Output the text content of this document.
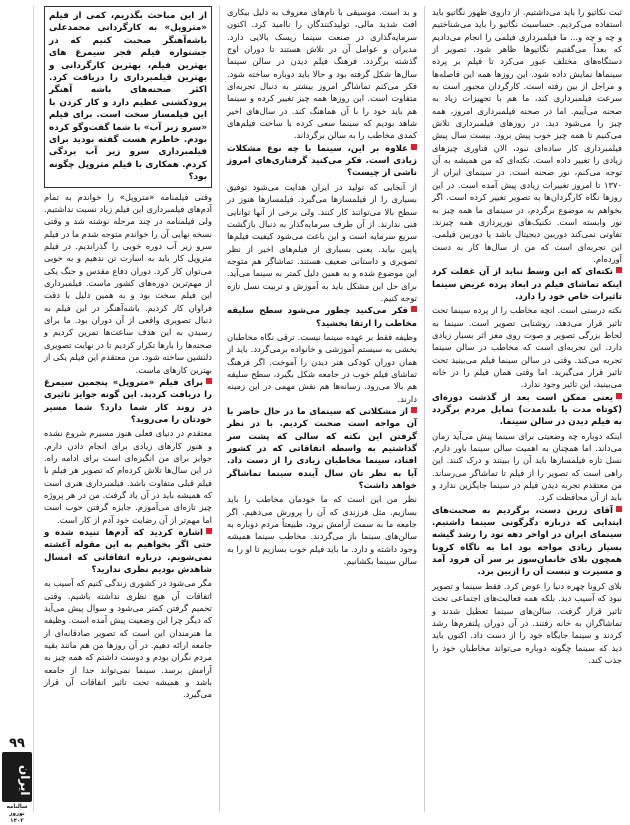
ثبت نکاتیو را باید می‌داشتیم. از داروی ظهور نگاتیو باید استفاده می‌کردیم. حساسیت نگاتیو را باید می‌شناختیم و چه و چه و... ما فیلمبرداری فیلمی را انجام می‌دادیم که بعداً می‌گفتیم نگاتیوها ظاهر شود. تصویر از دستگاه‌های مختلف عبور می‌کرد تا فیلم بر پرده سینماها نمایش داده شود. این روزها همه این فاصله‌ها و مراحل از بین رفته است. کارگردان مجبور است به سرعت فیلمبرداری کند، ما هم با تجهیزات زیاد به صحنه می‌آییم. اما در صحنه فیلمبرداری امروز، همه چیز را می‌شود دید. در روزهای فیلمبرداری تلاش می‌کنیم تا همه چیز خوب پیش برود. بیست سال پیش فیلمبرداری کار ساده‌ای نبود، الان فناوری چیزهای زیادی را تغییر داده است. نکته‌ای که من همیشه به آن توجه می‌کنم، نور صحنه است. در سینمای ایران از ۱۳۷۰ تا امروز تغییرات زیادی پیش آمده است. در این روزها نگاه کارگردان‌ها به تصویر تغییر کرده است. اگر بخواهم به موضوع برگردم، در سینمای ما همه چیز به نور وابسته است. تکنیک‌های نورپردازی همه چیزند. تفاوتی نمی‌کند دوربین دیجیتال باشد یا دوربین فیلمی. این تجربه‌ای است که من از سال‌ها کار به دست آورده‌ام.

نکته‌ای که این وسط نباید از آن غفلت کرد اینکه تماشای فیلم در ابعاد پرده عریض سینما تاثیرات خاص خود را دارد.

نکته درستی است. انچه مخاطب را از پرده سینما تحت تاثیر قرار می‌دهد، روشنایی تصویر است. سینما به لحاظ بزرگی تصویر و صوت روی مغز اثر بسیار زیادی دارد. این تجربه‌ای است که مخاطب در سالن سینما تجربه می‌کند. وقتی در سالن سینما فیلم می‌بینید تحت تاثیر قرار می‌گیرید. اما وقتی همان فیلم را در خانه می‌بینید، این تاثیر وجود ندارد.

یعنی ممکن است بعد از گذشت دوره‌ای (کوتاه مدت یا بلندمدت) تمایل مردم برگردد به فیلم دیدن در سالن سینما.

اینکه دوباره چه وضعیتی برای سینما پیش می‌آید زمان می‌داند. اما همچنان به اهمیت سالن سینما باور دارم. نسل تازه فیلمسازها باید آن را ببینند و درک کنند. این راهی است که تصویر را از فیلم تا تماشاگر می‌رساند. من معتقدم تجربه دیدن فیلم در سینما جایگزین ندارد و باید از آن محافظت کرد.

آقای زرین دست، برگردیم به صحبت‌های ابتدایی که درباره دگرگونی سینما داشتیم. سینمای ایران در اواخر دهه نود را رشد گیشه بسیار زیادی مواجه بود اما به ناگاه کرونا همچون بلای خانمان‌سوز بر سر آن فرود آمد و مسیرت و تبست آن را ازبین برد.

بلای کرونا چهره دنیا را عوض کرد. فقط سینما و تصویر نبود که آسیب دید. بلکه همه فعالیت‌های اجتماعی تحت تاثیر قرار گرفت. سالن‌های سینما تعطیل شدند و تماشاگران به خانه رفتند. در آن دوران پلتفرم‌ها رشد کردند و سینما جایگاه خود را از دست داد. اکنون باید دید که سینما چگونه دوباره می‌تواند مخاطبان خود را جذب کند.

و بد است. موسیقی با نام‌های معروف به دلیل بیکاری افت شدید مالی، تولیدکنندگان را ناامید کرد. اکنون سرمایه‌گذاری در صنعت سینما ریسک بالایی دارد. مدیران و عوامل آن در تلاش هستند تا دوران اوج گذشته برگردد. فرهنگ فیلم دیدن در سالن سینما سال‌ها شکل گرفته بود و حالا باید دوباره ساخته شود. فکر می‌کنم تماشاگر امروز بیشتر به دنبال تجربه‌ای متفاوت است. این روزها همه چیز تغییر کرده و سینما هم باید خود را با آن هماهنگ کند. در سال‌های اخیر شاهد بودیم که سینما سعی کرده با ساخت فیلم‌های کمدی مخاطب را به سالن برگرداند.

علاوه بر این، سینما با چه نوع مشکلات زیادی است. فکر می‌کنید گرفتاری‌های امروز ناشی از چیست؟

از آنجایی که تولید در ایران هدایت می‌شود توفیق بسیاری را از فیلمسازها می‌گیرد. فیلمسازها هنوز در سطح بالا می‌توانند کار کنند. ولی برخی از آنها توانایی فنی ندارند. از آن طرف سرمایه‌گذار به دنبال بازگشت سریع سرمایه است و این باعث می‌شود کیفیت فیلم‌ها پایین بیاید. یعنی بسیاری از فیلم‌های اخیر از نظر تصویری و داستانی ضعیف هستند. تماشاگر هم متوجه این موضوع شده و به همین دلیل کمتر به سینما می‌آید. برای حل این مشکل باید به آموزش و تربیت نسل تازه توجه کنیم.

فکر می‌کنید چطور می‌شود سطح سلیقه مخاطب را ارتقا بخشید؟

وظیفه فقط بر عهده سینما نیست. ترقی نگاه مخاطبان بخشی به سیستم آموزشی و خانواده برمی‌گردد. باید از همان دوران کودکی هنر دیدن را آموخت. اگر فرهنگ تماشای فیلم خوب در جامعه شکل بگیرد، سطح سلیقه هم بالا می‌رود. رسانه‌ها هم نقش مهمی در این زمینه دارند.

از مشکلاتی که سینمای ما در حال حاضر با آن مواجه است صحبت کردیم. با در نظر گرفتن این نکته که سالی که پشت سر گذاشتیم به واسطه اتفاقاتی که در کشور افتاد، سینما مخاطبان زیادی را از دست داد. آیا به نظر تان سال آینده سینما تماشاگر خواهد داشت؟

نظر من این است که ما خودمان مخاطب را باید بسازیم. مثل فرزندی که آن را پرورش می‌دهیم. اگر جامعه ما به سمت آرامش برود، طبیعتاً مردم دوباره به سالن‌های سینما باز می‌گردند. مخاطب سینما همیشه وجود داشته و دارد. ما باید فیلم خوب بسازیم تا او را به سالن سینما بکشانیم.

از این مباحث بگذریم، کمی از فیلم «متروپل» به کارگردانی محمدعلی باشه‌آهنگر صحبت کنیم که در جشنواره فیلم فجر سیمرغ های بهترین فیلم، بهترین کارگردانی و بهترین فیلمبرداری را دریافت کرد. اکثر صحنه‌های باشه آهنگر پرودکشنی عظیم دارد و کار کردن با این فیلمساز سخت است. برای فیلم «سرو زیر آب» با شما گفت‌وگو کرده بودم. خاطرم هست گفته بودید برای فیلمبرداری سرو زیر آب بردگی کردم. همکاری با فیلم متروپل چگونه بود؟

وقتی فیلمنامه «متروپل» را خواندم به تمام آدم‌های فیلمبرداری این فیلم زیاد نسبت نداشتیم. ولی فیلمنامه در چند مرحله نوشته شد و وقتی نسخه نهایی آن را خواندم متوجه شدم ما در فیلم سرو زیر آب دوره خوبی را گذراندیم. در فیلم متروپل کار باید به اسارت تن ندهیم و به خوبی می‌توان کار کرد. دوران دفاع مقدس و جنگ یکی از مهم‌ترین دوره‌های کشور ماست. فیلمبرداری این فیلم سخت بود و به همین دلیل با دقت فراوان کار کردیم. باشه‌آهنگر در این فیلم به دنبال تصویری واقعی از آن دوران بود. ما برای رسیدن به این هدف ساعت‌ها تمرین کردیم و صحنه‌ها را بارها تکرار کردیم تا در نهایت تصویری دلنشین ساخته شود. من معتقدم این فیلم یکی از بهترین کارهای ماست.

برای فیلم «متروپل» پنجمین سیمرغ را دریافت کردید. این گونه جوایز تاثیری در روند کار شما دارد؟ شما مسیر خودتان را می‌روید؟

معتقدم در دنیای فعلی هنوز مسیرم شروع نشده و هنوز کارهای زیادی برای انجام دادن دارم. جوایز برای من انگیزه‌ای است برای ادامه راه. در این سال‌ها تلاش کرده‌ام که تصویر هر فیلم با فیلم قبلی متفاوت باشد. فیلمبرداری هنری است که همیشه باید در آن یاد گرفت. من در هر پروژه چیز تازه‌ای می‌آموزم. جایزه گرفتن خوب است اما مهم‌تر از آن رضایت خود آدم از کار است.

اشاره کردید که آدم‌ها تنیده شده و حتی اگر بخواهیم به این مقوله آغشته نمی‌شویم. درباره اتفاقاتی که امسال شاهدش بودیم نظری ندارید؟

مگر می‌شود در کشوری زندگی کنیم که آسیب به اتفاقات آن هیچ نظری نداشته باشیم. وقتی تحمیم گرفتن کمتر می‌شود و سوال پیش می‌آید که دیگر چرا این وضعیت پیش آمده است. وظیفه ما هنرمندان این است که تصویر صادقانه‌ای از جامعه ارائه دهیم. در آن روزها من هم مانند بقیه مردم نگران بودم و دوست داشتم که همه چیز به آرامش برسد. سینما نمی‌تواند جدا از جامعه باشد و همیشه تحت تاثیر اتفاقات آن قرار می‌گیرد.

۹۹
ایران
سالنامه نوروز ۱۴۰۲
